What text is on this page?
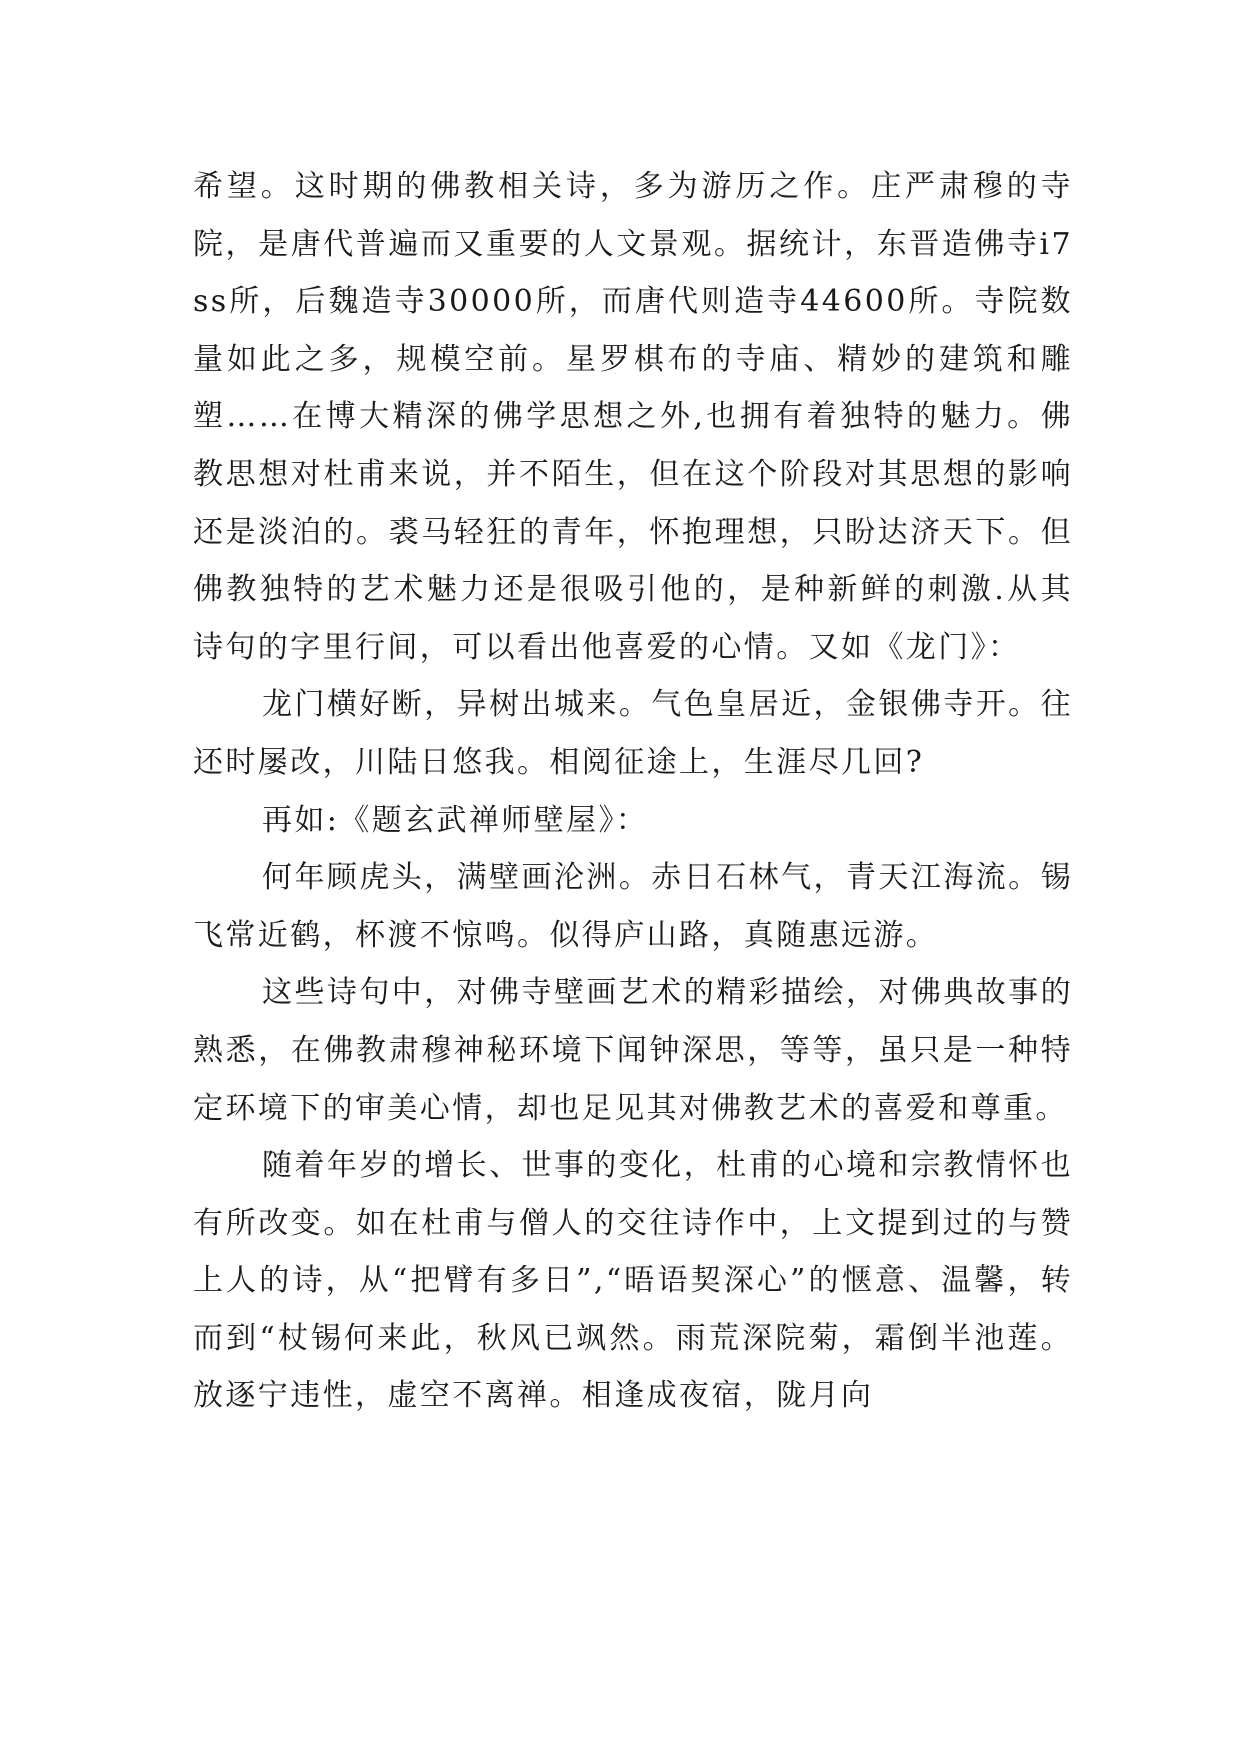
希望。这时期的佛教相关诗，多为游历之作。庄严肃穆的寺院，是唐代普遍而又重要的人文景观。据统计，东晋造佛寺i7ss所，后魏造寺30000所，而唐代则造寺44600所。寺院数量如此之多，规模空前。星罗棋布的寺庙、精妙的建筑和雕塑……在博大精深的佛学思想之外,也拥有着独特的魅力。佛教思想对杜甫来说，并不陌生，但在这个阶段对其思想的影响还是淡泊的。裘马轻狂的青年，怀抱理想，只盼达济天下。但佛教独特的艺术魅力还是很吸引他的，是种新鲜的刺激.从其诗句的字里行间，可以看出他喜爱的心情。又如《龙门》：

龙门横好断，异树出城来。气色皇居近，金银佛寺开。往还时屡改，川陆日悠我。相阅征途上，生涯尽几回?

再如:《题玄武禅师壁屋》：

何年顾虎头，满壁画沦洲。赤日石林气，青天江海流。锡飞常近鹤，杯渡不惊鸣。似得庐山路，真随惠远游。

这些诗句中，对佛寺壁画艺术的精彩描绘，对佛典故事的熟悉，在佛教肃穆神秘环境下闻钟深思，等等，虽只是一种特定环境下的审美心情，却也足见其对佛教艺术的喜爱和尊重。

随着年岁的增长、世事的变化，杜甫的心境和宗教情怀也有所改变。如在杜甫与僧人的交往诗作中，上文提到过的与赞上人的诗，从“把臂有多日”,“晤语契深心”的惬意、温馨，转而到“杖锡何来此，秋风已飒然。雨荒深院菊，霜倒半池莲。放逐宁违性，虚空不离禅。相逢成夜宿，陇月向
